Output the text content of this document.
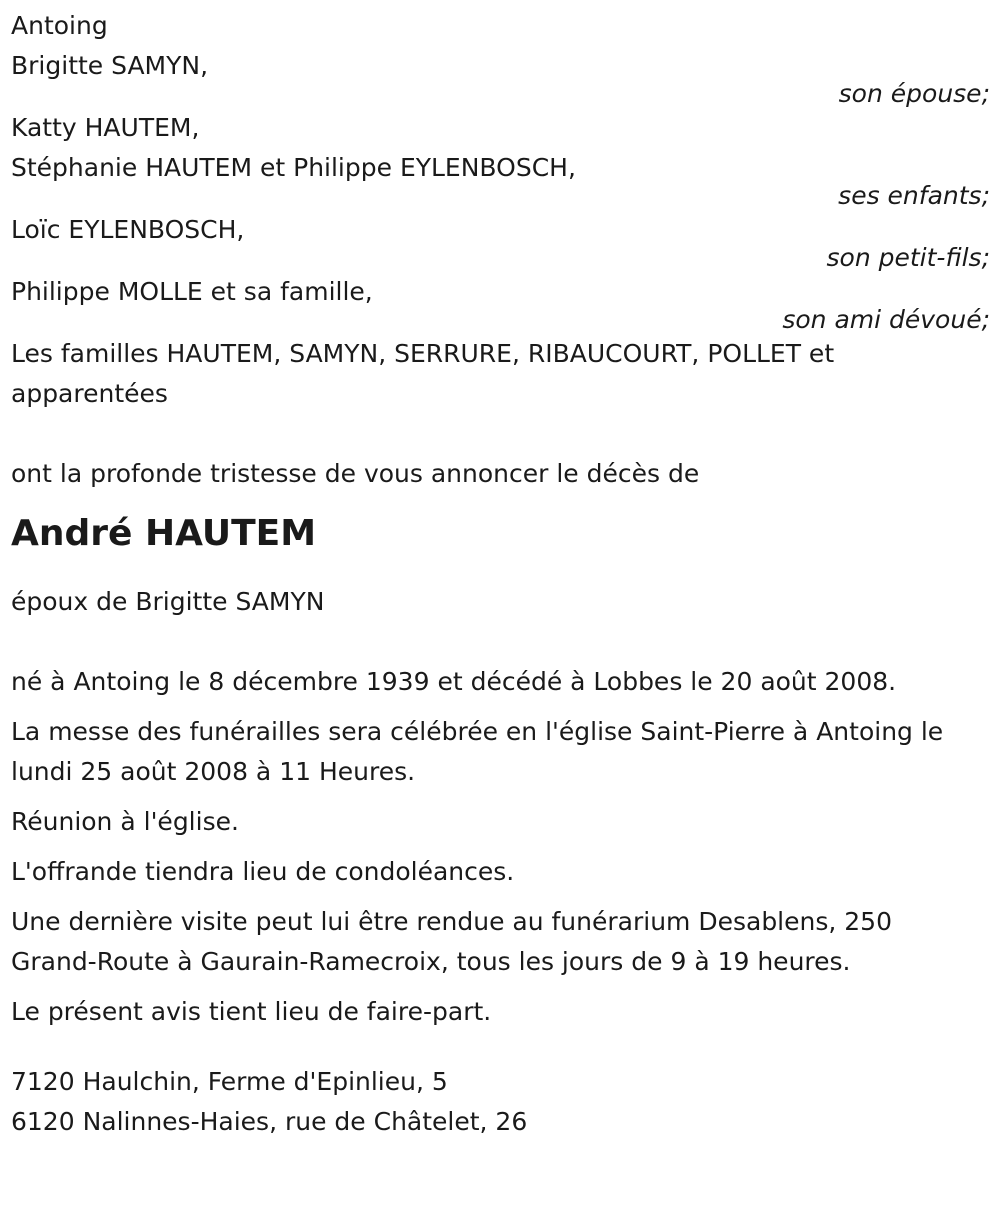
Antoing
Brigitte SAMYN,
son épouse;
Katty HAUTEM,
Stéphanie HAUTEM et Philippe EYLENBOSCH,
ses enfants;
Loïc EYLENBOSCH,
son petit-fils;
Philippe MOLLE et sa famille,
son ami dévoué;
Les familles HAUTEM, SAMYN, SERRURE, RIBAUCOURT, POLLET et apparentées
ont la profonde tristesse de vous annoncer le décès de
André HAUTEM
époux de Brigitte SAMYN
né à Antoing le 8 décembre 1939 et décédé à Lobbes le 20 août 2008.
La messe des funérailles sera célébrée en l'église Saint-Pierre à Antoing le lundi 25 août 2008 à 11 Heures.
Réunion à l'église.
L'offrande tiendra lieu de condoléances.
Une dernière visite peut lui être rendue au funérarium Desablens, 250 Grand-Route à Gaurain-Ramecroix, tous les jours de 9 à 19 heures.
Le présent avis tient lieu de faire-part.
7120 Haulchin, Ferme d'Epinlieu, 5
6120 Nalinnes-Haies, rue de Châtelet, 26
